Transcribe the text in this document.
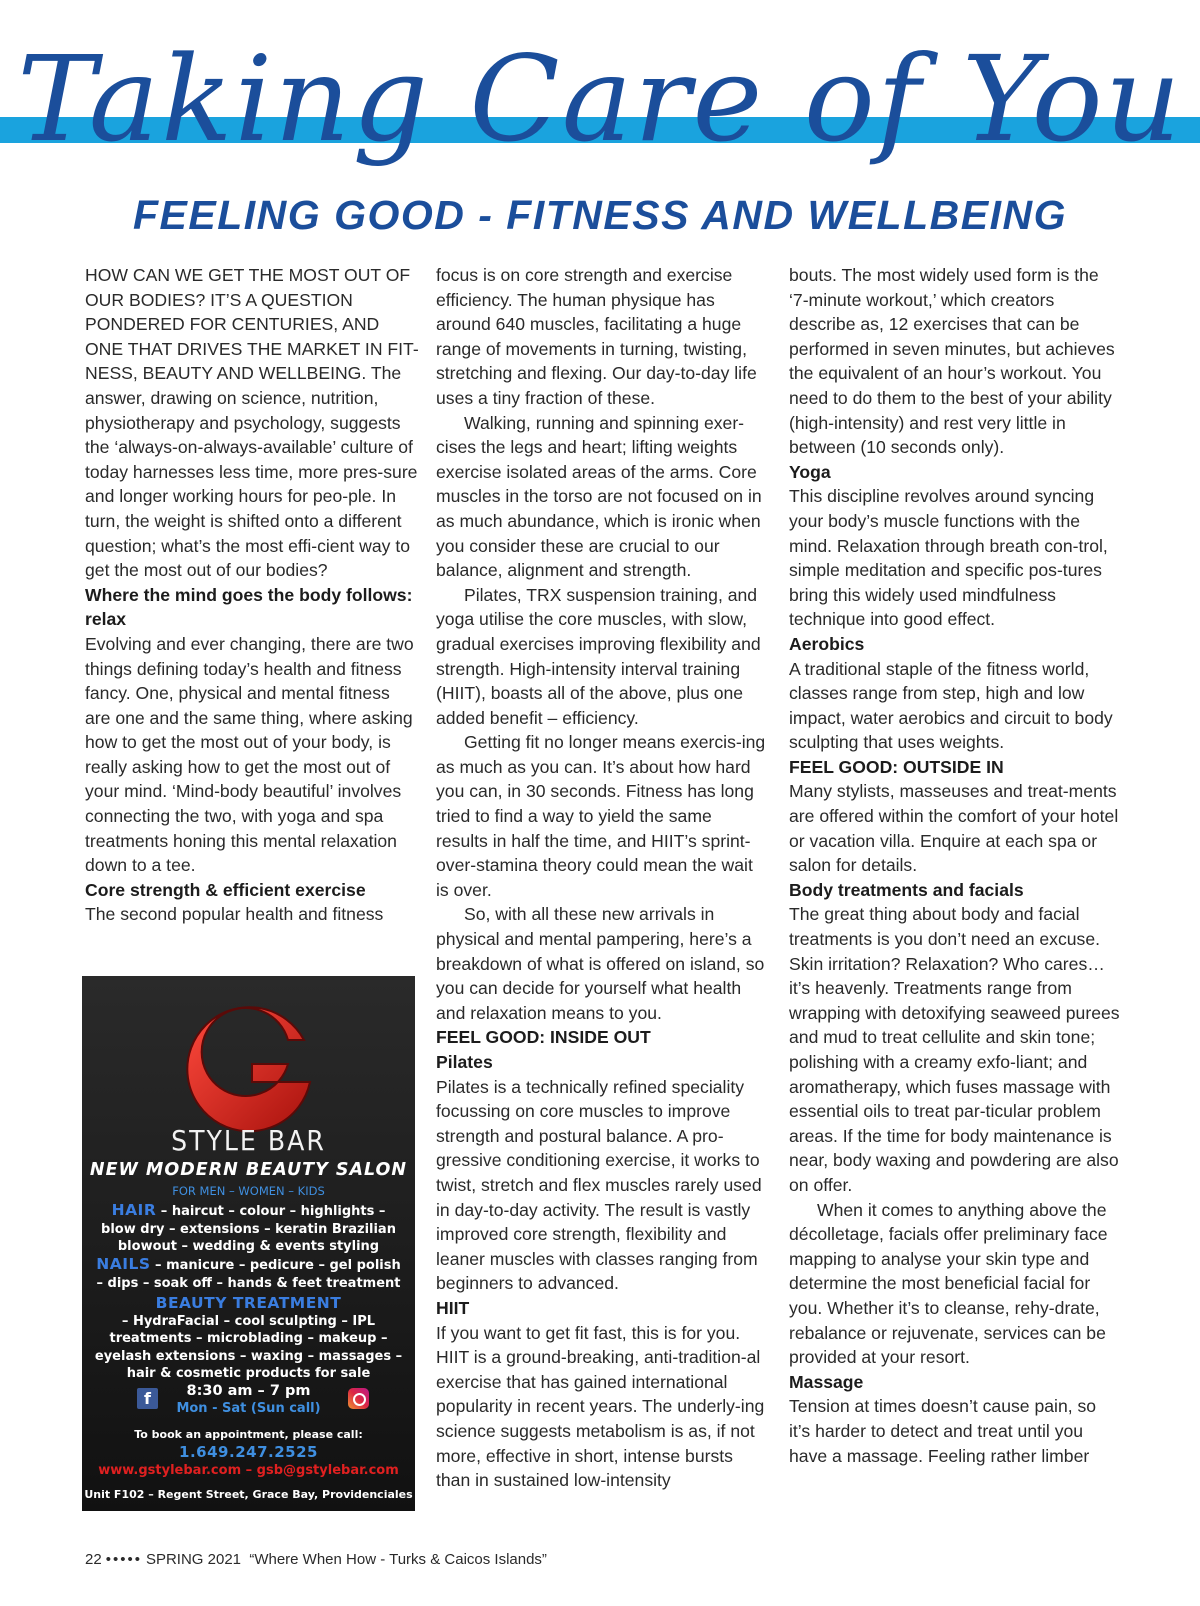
Taking Care of You
FEELING GOOD - FITNESS AND WELLBEING

HOW CAN WE GET THE MOST OUT OF OUR BODIES? IT’S A QUESTION PONDERED FOR CENTURIES, AND ONE THAT DRIVES THE MARKET IN FIT-NESS, BEAUTY AND WELLBEING. The answer, drawing on science, nutrition, physiotherapy and psychology, suggests the ‘always-on-always-available’ culture of today harnesses less time, more pres-sure and longer working hours for peo-ple. In turn, the weight is shifted onto a different question; what’s the most effi-cient way to get the most out of our bodies?

Where the mind goes the body follows: relax

Evolving and ever changing, there are two things defining today’s health and fitness fancy. One, physical and mental fitness are one and the same thing, where asking how to get the most out of your body, is really asking how to get the most out of your mind. ‘Mind-body beautiful’ involves connecting the two, with yoga and spa treatments honing this mental relaxation down to a tee.

Core strength & efficient exercise

The second popular health and fitness

focus is on core strength and exercise efficiency. The human physique has around 640 muscles, facilitating a huge range of movements in turning, twisting, stretching and flexing. Our day-to-day life uses a tiny fraction of these.

Walking, running and spinning exer-cises the legs and heart; lifting weights exercise isolated areas of the arms. Core muscles in the torso are not focused on in as much abundance, which is ironic when you consider these are crucial to our balance, alignment and strength.

Pilates, TRX suspension training, and yoga utilise the core muscles, with slow, gradual exercises improving flexibility and strength. High-intensity interval training (HIIT), boasts all of the above, plus one added benefit – efficiency.

Getting fit no longer means exercis-ing as much as you can. It’s about how hard you can, in 30 seconds. Fitness has long tried to find a way to yield the same results in half the time, and HIIT’s sprint-over-stamina theory could mean the wait is over.

So, with all these new arrivals in physical and mental pampering, here’s a breakdown of what is offered on island, so you can decide for yourself what health and relaxation means to you.

FEEL GOOD: INSIDE OUT
Pilates

Pilates is a technically refined speciality focussing on core muscles to improve strength and postural balance. A pro-gressive conditioning exercise, it works to twist, stretch and flex muscles rarely used in day-to-day activity. The result is vastly improved core strength, flexibility and leaner muscles with classes ranging from beginners to advanced.

HIIT

If you want to get fit fast, this is for you. HIIT is a ground-breaking, anti-tradition-al exercise that has gained international popularity in recent years. The underly-ing science suggests metabolism is as, if not more, effective in short, intense bursts than in sustained low-intensity

bouts. The most widely used form is the ‘7-minute workout,’ which creators describe as, 12 exercises that can be performed in seven minutes, but achieves the equivalent of an hour’s workout. You need to do them to the best of your ability (high-intensity) and rest very little in between (10 seconds only).

Yoga

This discipline revolves around syncing your body’s muscle functions with the mind. Relaxation through breath con-trol, simple meditation and specific pos-tures bring this widely used mindfulness technique into good effect.

Aerobics

A traditional staple of the fitness world, classes range from step, high and low impact, water aerobics and circuit to body sculpting that uses weights.

FEEL GOOD: OUTSIDE IN

Many stylists, masseuses and treat-ments are offered within the comfort of your hotel or vacation villa. Enquire at each spa or salon for details.

Body treatments and facials

The great thing about body and facial treatments is you don’t need an excuse. Skin irritation? Relaxation? Who cares… it’s heavenly. Treatments range from wrapping with detoxifying seaweed purees and mud to treat cellulite and skin tone; polishing with a creamy exfo-liant; and aromatherapy, which fuses massage with essential oils to treat par-ticular problem areas. If the time for body maintenance is near, body waxing and powdering are also on offer.

When it comes to anything above the décolletage, facials offer preliminary face mapping to analyse your skin type and determine the most beneficial facial for you. Whether it’s to cleanse, rehy-drate, rebalance or rejuvenate, services can be provided at your resort.

Massage

Tension at times doesn’t cause pain, so it’s harder to detect and treat until you have a massage. Feeling rather limber

STYLE BAR
NEW MODERN BEAUTY SALON
FOR MEN – WOMEN – KIDS
HAIR – haircut – colour – highlights – blow dry – extensions – keratin Brazilian blowout – wedding & events styling
NAILS – manicure – pedicure – gel polish – dips – soak off – hands & feet treatment
BEAUTY TREATMENT
– HydraFacial – cool sculpting – IPL treatments – microblading – makeup – eyelash extensions – waxing – massages – hair & cosmetic products for sale
f	8:30 am – 7 pm
Mon - Sat (Sun call)
To book an appointment, please call:
1.649.247.2525
www.gstylebar.com – gsb@gstylebar.com
Unit F102 – Regent Street, Grace Bay, Providenciales
22 ••••• SPRING 2021 “Where When How - Turks & Caicos Islands”
